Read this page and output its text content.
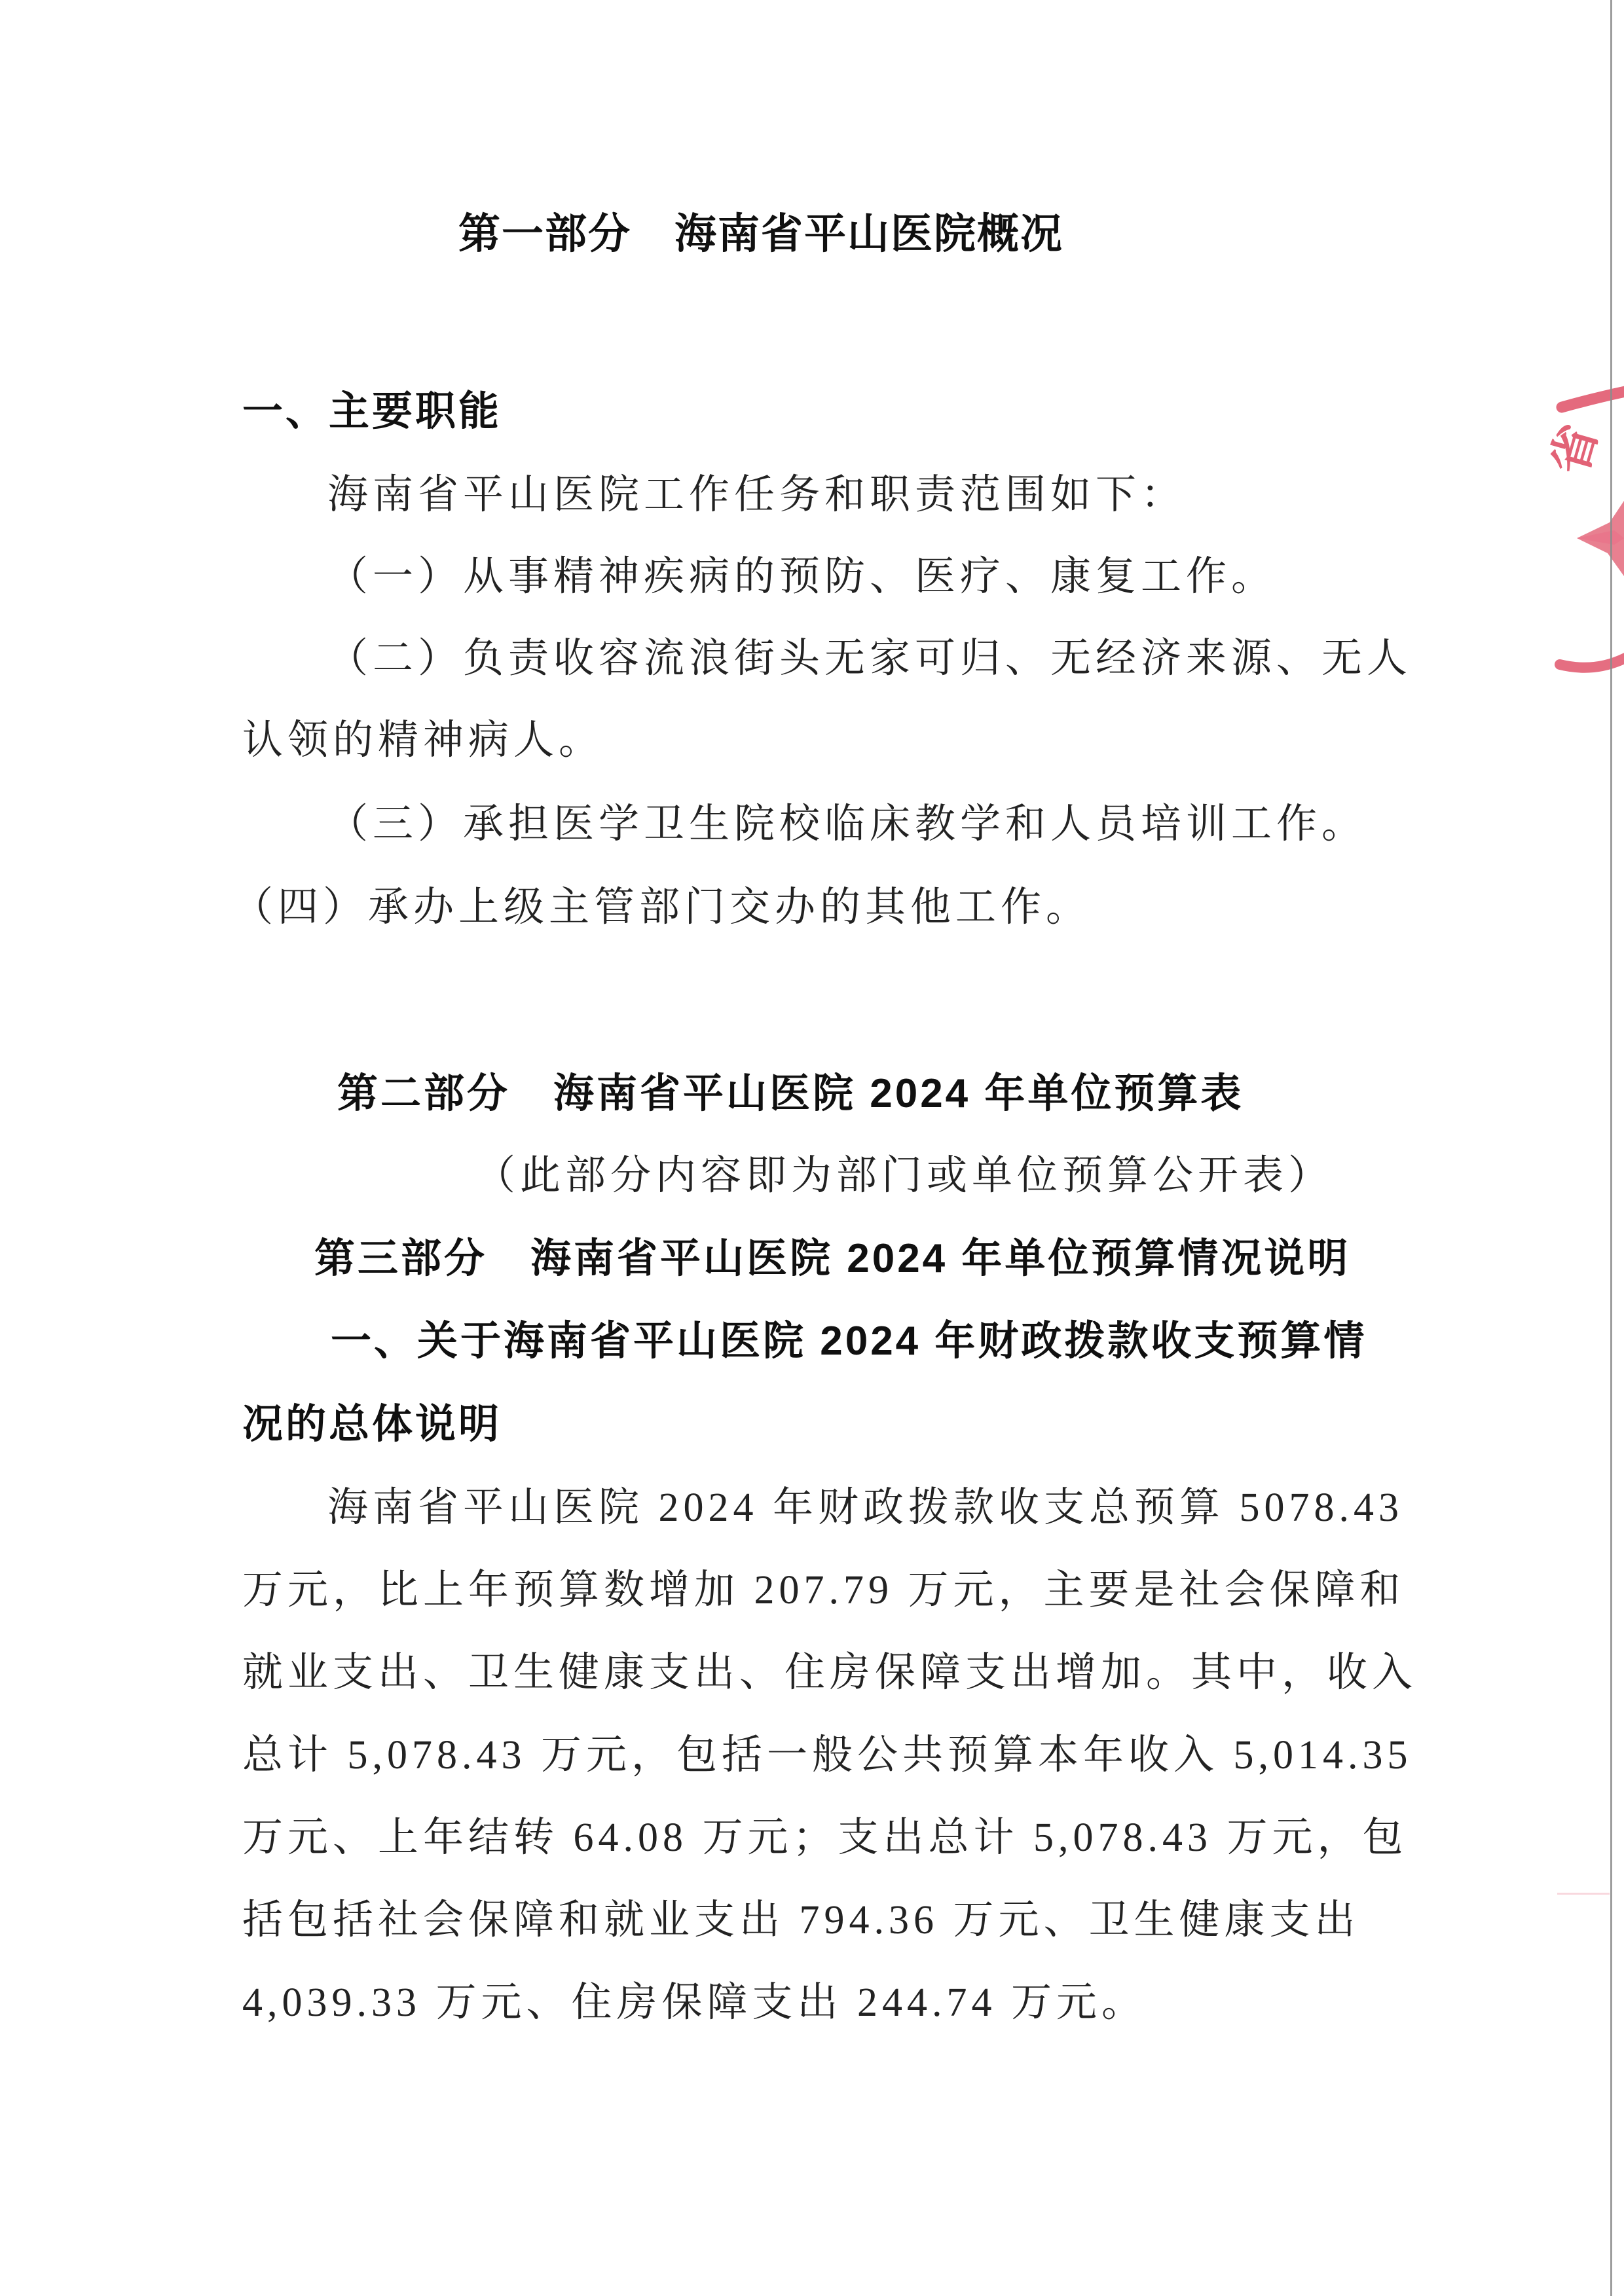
第一部分　海南省平山医院概况
一、主要职能
海南省平山医院工作任务和职责范围如下：
（一）从事精神疾病的预防、医疗、康复工作。
（二）负责收容流浪街头无家可归、无经济来源、无人
认领的精神病人。
（三）承担医学卫生院校临床教学和人员培训工作。
（四）承办上级主管部门交办的其他工作。
第二部分　海南省平山医院 2024 年单位预算表
（此部分内容即为部门或单位预算公开表）
第三部分　海南省平山医院 2024 年单位预算情况说明
一、关于海南省平山医院 2024 年财政拨款收支预算情
况的总体说明
海南省平山医院 2024 年财政拨款收支总预算 5078.43
万元，比上年预算数增加 207.79 万元，主要是社会保障和
就业支出、卫生健康支出、住房保障支出增加。其中，收入
总计 5,078.43 万元，包括一般公共预算本年收入 5,014.35
万元、上年结转 64.08 万元；支出总计 5,078.43 万元，包
括包括社会保障和就业支出 794.36 万元、卫生健康支出
4,039.33 万元、住房保障支出 244.74 万元。
省
